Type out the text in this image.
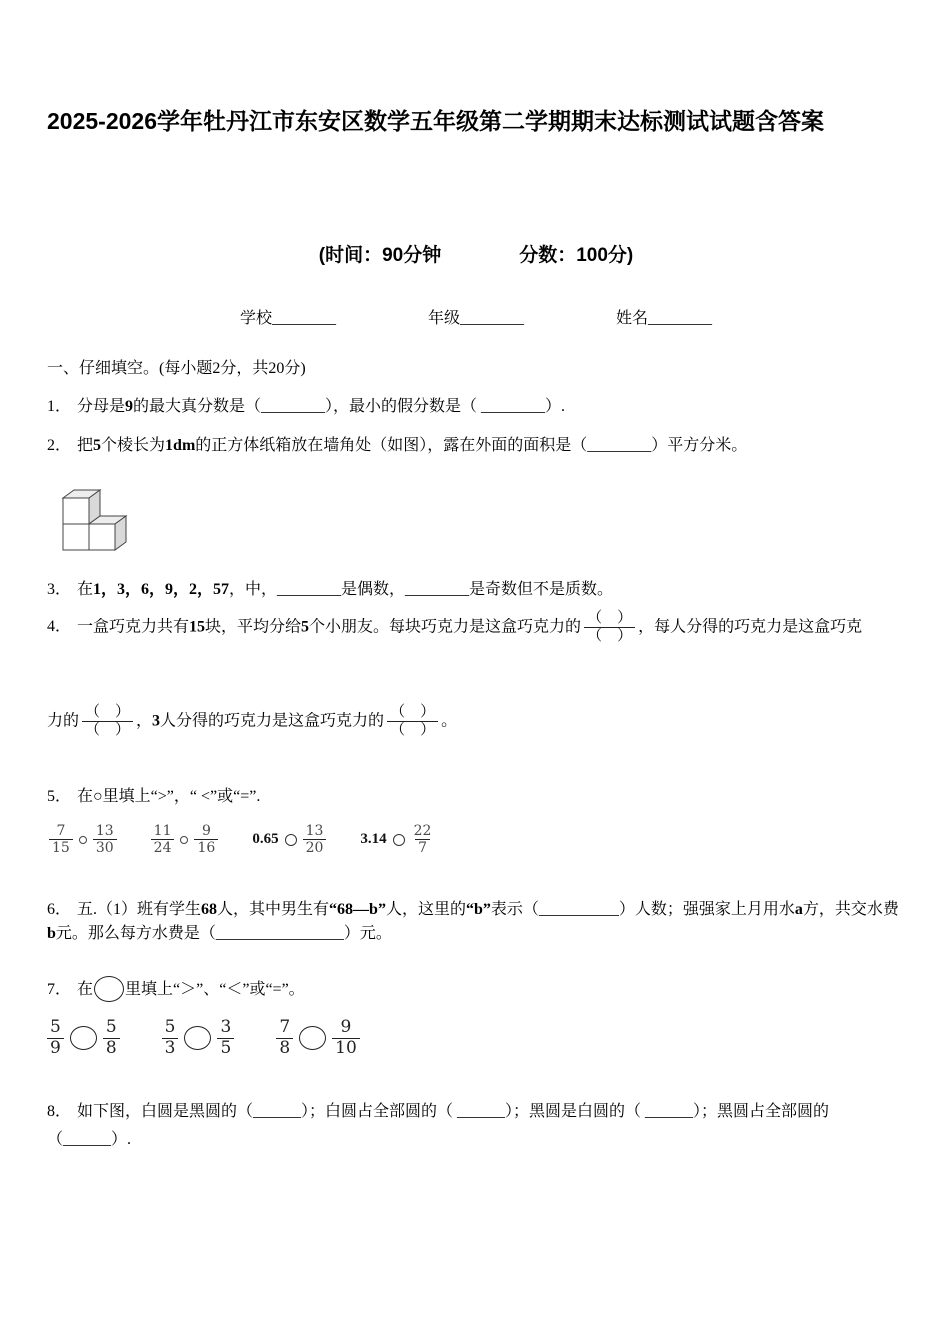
2025-2026学年牡丹江市东安区数学五年级第二学期期末达标测试试题含答案
(时间：90分钟	分数：100分)
学校________	年级________	姓名________
一、仔细填空。(每小题2分，共20分)

1． 分母是9的最大真分数是（________），最小的假分数是（ ________）.

2． 把5个棱长为1dm的正方体纸箱放在墙角处（如图），露在外面的面积是（________）平方分米。

3． 在1，3，6，9，2，57，中，________是偶数，________是奇数但不是质数。

4． 一盒巧克力共有15块，平均分给5个小朋友。每块巧克力是这盒巧克力的 $\frac{( )}{( )}$ ，每人分得的巧克力是这盒巧克

力的 $\frac{( )}{( )}$ ，3人分得的巧克力是这盒巧克力的 $\frac{( )}{( )}$ 。

5． 在○里填上“>”，“ <”或“=”.

$\frac{7}{15} \frac{13}{30} \frac{11}{24} \frac{9}{16} 0.65 \frac{13}{20} 3.14 \frac{22}{7}$

6． 五.（1）班有学生68人，其中男生有“68—b”人，这里的“b”表示（__________）人数；强强家上月用水a方，共交水费b元。那么每方水费是（________________）元。

7． 在 里填上“＞”、“＜”或“=”。

$\frac{5}{9} \frac{5}{8} \frac{5}{3} \frac{3}{5} \frac{7}{8} \frac{9}{10}$

8． 如下图，白圆是黑圆的（______）；白圆占全部圆的（ ______）；黑圆是白圆的（ ______）；黑圆占全部圆的（______）.
